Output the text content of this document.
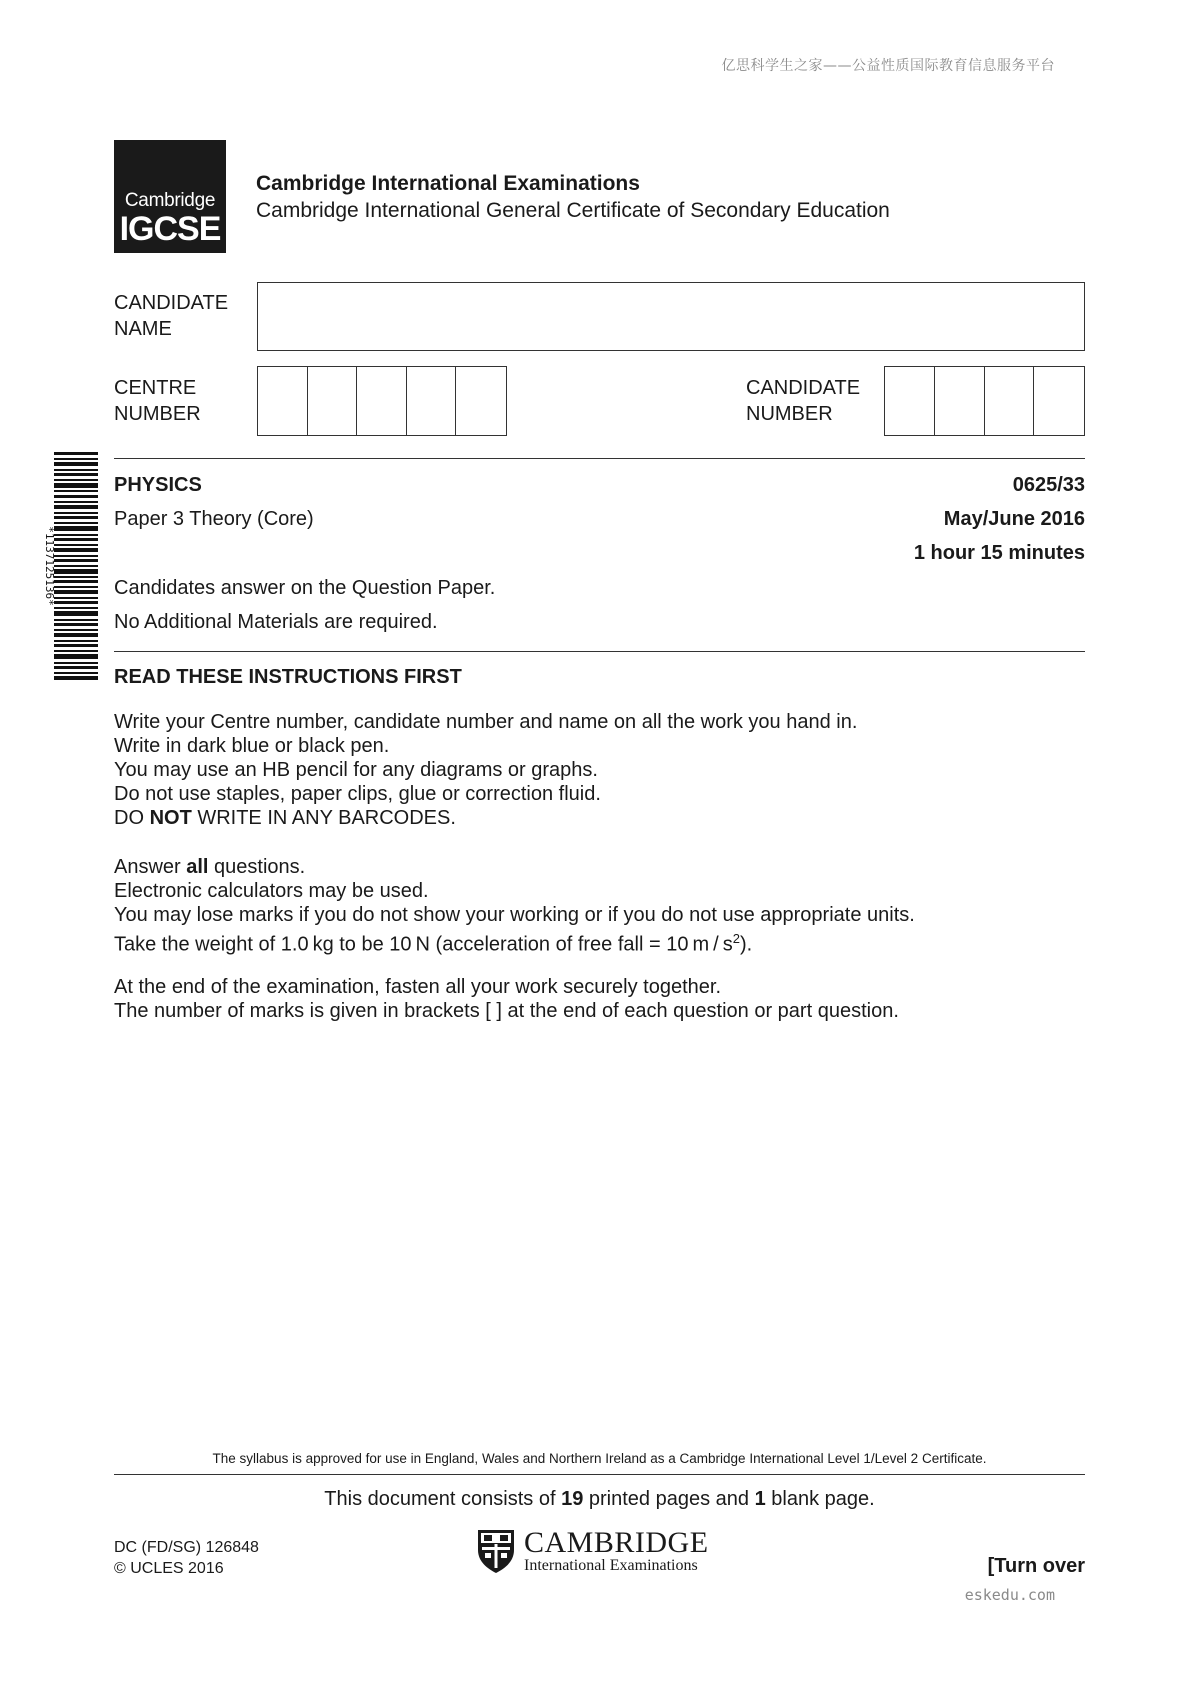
亿思科学生之家——公益性质国际教育信息服务平台
Cambridge
IGCSE
Cambridge International Examinations
Cambridge International General Certificate of Secondary Education
CANDIDATE
NAME
CENTRE
NUMBER
CANDIDATE
NUMBER
*1137125136*
PHYSICS	0625/33
Paper 3 Theory (Core)	May/June 2016
1 hour 15 minutes
Candidates answer on the Question Paper.
No Additional Materials are required.
READ THESE INSTRUCTIONS FIRST

Write your Centre number, candidate number and name on all the work you hand in.

Write in dark blue or black pen.

You may use an HB pencil for any diagrams or graphs.

Do not use staples, paper clips, glue or correction fluid.

DO NOT WRITE IN ANY BARCODES.

Answer all questions.

Electronic calculators may be used.

You may lose marks if you do not show your working or if you do not use appropriate units.

Take the weight of 1.0 kg to be 10 N (acceleration of free fall = 10 m / $s^2$).

At the end of the examination, fasten all your work securely together.

The number of marks is given in brackets [ ] at the end of each question or part question.

The syllabus is approved for use in England, Wales and Northern Ireland as a Cambridge International Level 1/Level 2 Certificate.
This document consists of 19 printed pages and 1 blank page.
DC (FD/SG) 126848
© UCLES 2016
CAMBRIDGE
International Examinations	[Turn over
eskedu.com
